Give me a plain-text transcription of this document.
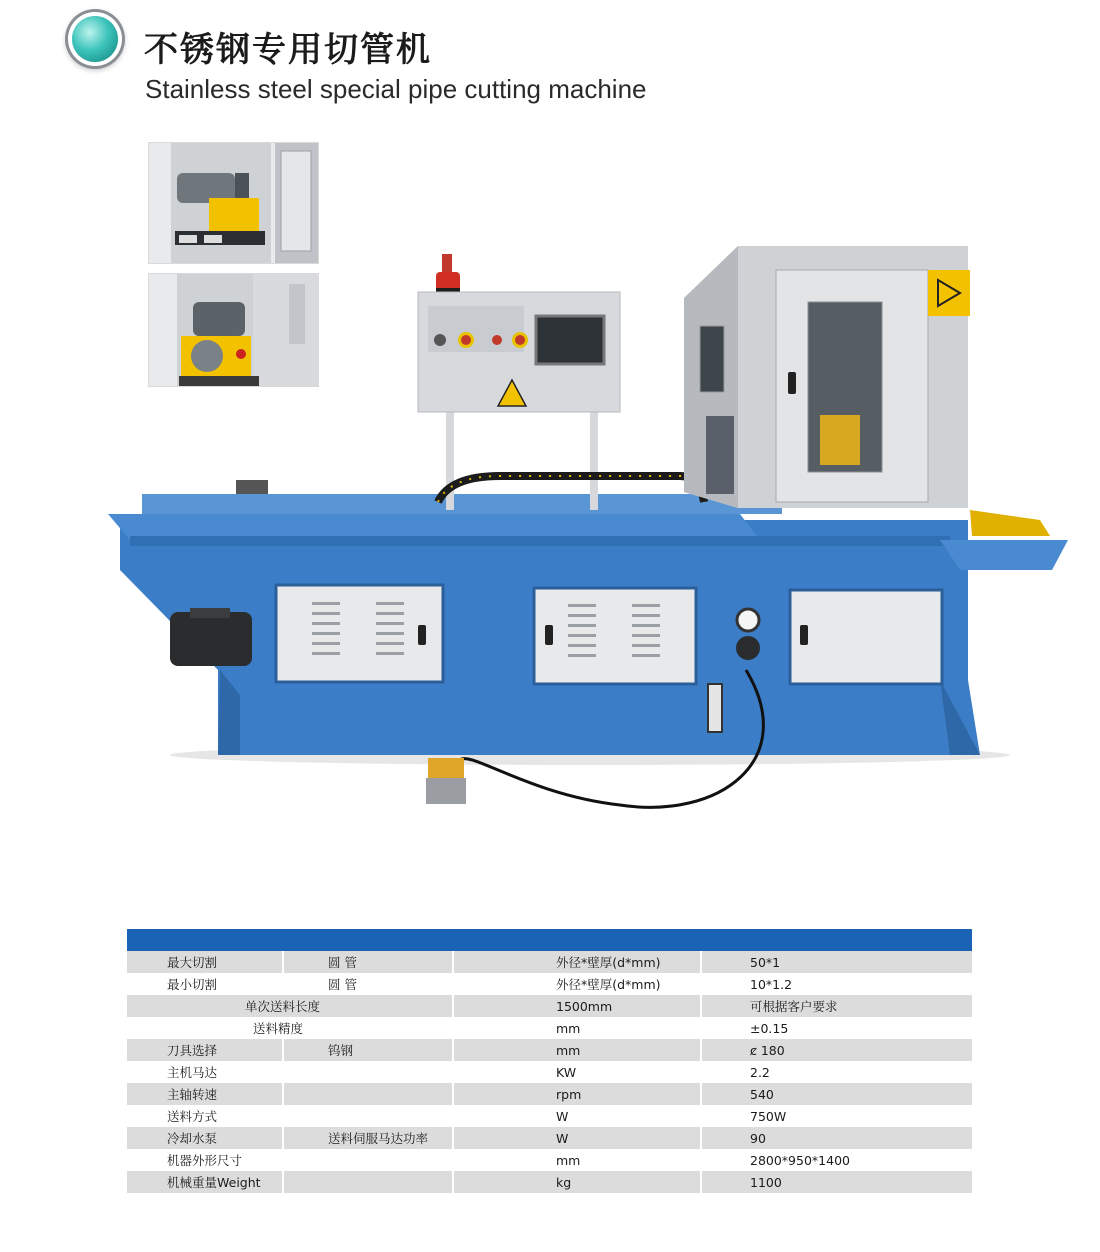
不锈钢专用切管机
Stainless steel special pipe cutting machine
最大切割	圆 管	外径*壁厚(d*mm)	50*1
最小切割	圆 管	外径*壁厚(d*mm)	10*1.2
单次送料长度		1500mm	可根据客户要求
送料精度		mm	±0.15
刀具选择	钨钢	mm	ȼ 180
主机马达		KW	2.2
主轴转速		rpm	540
送料方式		W	750W
冷却水泵	送料伺服马达功率	W	90
机器外形尺寸		mm	2800*950*1400
机械重量Weight		kg	1100
